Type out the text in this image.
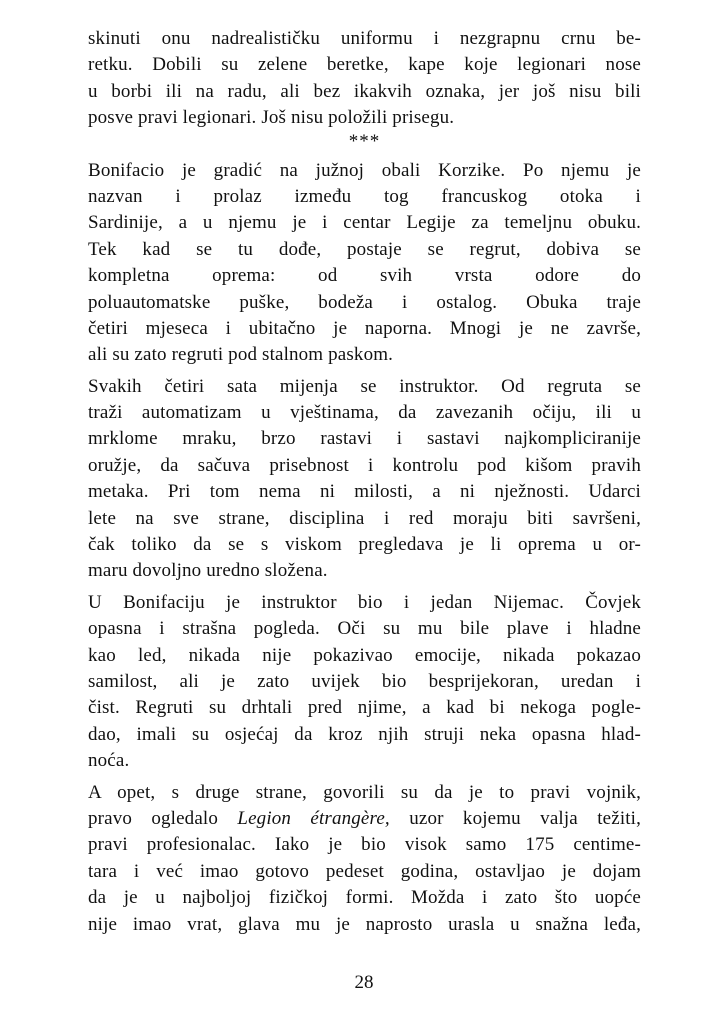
skinuti onu nadrealističku uniformu i nezgrapnu crnu be-
retku. Dobili su zelene beretke, kape koje legionari nose
u borbi ili na radu, ali bez ikakvih oznaka, jer još nisu bili
posve pravi legionari. Još nisu položili prisegu.
***
Bonifacio je gradić na južnoj obali Korzike. Po njemu je
nazvan i prolaz između tog francuskog otoka i
Sardinije, a u njemu je i centar Legije za temeljnu obuku.
Tek kad se tu dođe, postaje se regrut, dobiva se
kompletna oprema: od svih vrsta odore do
poluautomatske puške, bodeža i ostalog. Obuka traje
četiri mjeseca i ubitačno je naporna. Mnogi je ne završe,
ali su zato regruti pod stalnom paskom.
Svakih četiri sata mijenja se instruktor. Od regruta se
traži automatizam u vještinama, da zavezanih očiju, ili u
mrklome mraku, brzo rastavi i sastavi najkompliciranije
oružje, da sačuva prisebnost i kontrolu pod kišom pravih
metaka. Pri tom nema ni milosti, a ni nježnosti. Udarci
lete na sve strane, disciplina i red moraju biti savršeni,
čak toliko da se s viskom pregledava je li oprema u or-
maru dovoljno uredno složena.
U Bonifaciju je instruktor bio i jedan Nijemac. Čovjek
opasna i strašna pogleda. Oči su mu bile plave i hladne
kao led, nikada nije pokazivao emocije, nikada pokazao
samilost, ali je zato uvijek bio besprijekoran, uredan i
čist. Regruti su drhtali pred njime, a kad bi nekoga pogle-
dao, imali su osjećaj da kroz njih struji neka opasna hlad-
noća.
A opet, s druge strane, govorili su da je to pravi vojnik,
pravo ogledalo Legion étrangère, uzor kojemu valja težiti,
pravi profesionalac. Iako je bio visok samo 175 centime-
tara i već imao gotovo pedeset godina, ostavljao je dojam
da je u najboljoj fizičkoj formi. Možda i zato što uopće
nije imao vrat, glava mu je naprosto urasla u snažna leđa,
28
